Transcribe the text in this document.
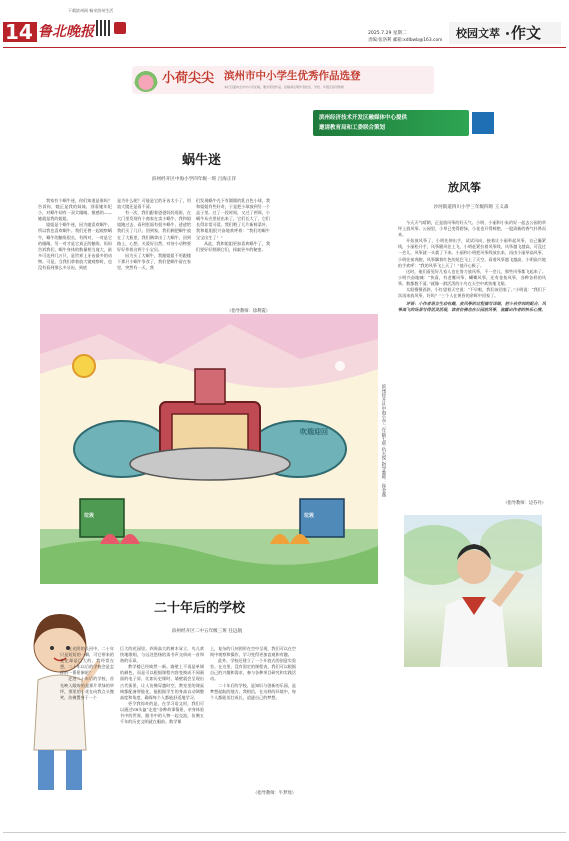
14 鲁北晚报
下载滨州网 畅享滨州生活
2025.7.29 星期二
责编:张洛利 邮箱:xdlbwb@163.com
校园文萃 作文
小荷尖尖 滨州市中小学生优秀作品选登
本栏目面向全市中小学征稿，要求原创作品，投稿请注明作者姓名、学校、年级及指导教师
滨州经济技术开发区融媒体中心提供
邀请教育局和工委联合策划
蜗牛迷
滨州经开区中海小学四年级一班 吕海正洋

我家有个蜗牛迷，你们知道是谁吗？告诉你，她正是我的妹妹，别看她年纪小，对蜗牛却有一双犬眼睛，敏感的——她就是我的姐姐。

姐姐是个蜗牛迷，因为她喜欢蜗牛，所以我也喜欢蜗牛。我们还曾一起观察蜗牛，蜗牛的触角很长，有两对，一对是它的眼睛，另一对才是它真正的触角。妈妈告诉我们，蜗牛身体的数量相当庞大，最多可达到几万只，是世界上牙齿最多的动物。可是，当我们拿着放大镜观察时，也没有看到那么多牙齿，到底

是为什么呢？可能是它的牙齿太小了，用放大镜还是看不清。

有一次，我们跟着爸爸妈妈逛街，在大门里发现有个商家在卖小蜗牛，我和姐姐跑过去，看到里面有很多蜗牛，爸爸给我们买了几只。回到家，我们俩把蜗牛放在了大瓶里，我们俩拿出了大蜗牛，回到路上，心想，关爱好自然，对待小动物要好好养着这两个小宝贝。

因为买了大蜗牛，我跟姐姐不用跟楼下那只小蜗牛争食了，我们把蜗牛留在家里，突然有一天，我

们发现蜗牛壳下有圆圆的乳白色小球，我和姐姐有些好奇，于是把小球放到另一个盒子里。过了一段时间，又过了两周，小蜗牛从壳里钻出来了，它们长大了，它们长得非常可爱。我们喂了几片新鲜菜叶，我和姐姐很兴奋地欢呼着：“我们的蜗牛宝宝出生了！”

从此，我和姐姐更加喜欢蜗牛了，我们要好好照顾它们，探索更多的秘密。

（指导教师：徐利霞）
吹瑞迎回
垃圾	垃圾
滨州经开区中海小学二年级七班 仇天悦 指导教师：崔金燕
放风筝
沙河街道四川小学三年级四班 王义森

今天天气晴朗，正是放风筝的好天气。小明、小丽和小朱约好一起去公园的草坪上放风筝。公园里，小草已变得碧绿，小花也开得鲜艳，一股清新的香气扑鼻而来。

开始放风筝了，小明先伸出手，试试风向，接着让小丽举起风筝，自己攥紧线，小丽松开手，风筝随风往上飞，小明赶紧拉着风筝线，风筝越飞越高，可没过一会儿，风筝就一头栽了下来。小丽和小明把风筝线放出来，再由小丽举高风筝，小明往前奔跑，风筝飘着红色的尾巴飞上了天空。看着风筝越飞越高，小明高兴地拍手欢呼：“我的风筝飞上天了！”他开心极了。

这时，他们看见好几家人也在努力放风筝，不一会儿，那些风筝都飞起来了。小明兴奋地喊：“快看，有老鹰风筝、蝴蝶风筝，还有金鱼风筝，各种各样的风筝，数都数不清。”就像一群活泼的小鸟在天空中欢快地飞翔。

太阳慢慢西斜，小红望着天空说：“不早啦，我们该回家了。”小明说：“我们下次再来放风筝，好吗？”三个人在黄昏的余晖中回家了。

评语：小作者语言生动有趣，放风筝的过程描写详细，把小伙伴间的配合、风筝高飞的场景写得活灵活现，读者仿佛也在公园放风筝，流露出作者的快乐心情。

（指导教师：边芬丹）
二十年后的学校
滨州经开区二中五年级三班 任远航

在光阴的长河中，二十年只是短短的一瞬，可它带来的变化却是巨大的。我经常在想，二十年以后的学校会是怎样的一番景象呢？

走进二十年后的学校，首先映入眼帘的是那片翠绿的草坪，那里的小花在向我点头微笑，仿佛置身于一个

巨大的花园里。四周高大的树木耸立，鸟儿欢快地歌唱，与远处悠扬的读书声交织成一首和谐的乐章。

教学楼已经焕然一新。墙壁上不再是单调的颜色，而是可以根据课程内容变换成不同画面的电子屏，比如历史课时，墙壁就会呈现出古代街景，让人仿佛穿越时空。教室里的课桌椅都配备智能化，能根据学生的身高自动调整高度和角度，确保每个人都能舒适地学习。

更令我惊奇的是，在学习语文时，我们可以通过VR头盔“走进”各种故事情景，亲身体验书中的世界，跟书中的人物一起交流，仿佛五千年的历史文明就在眼前。数学课

上，复杂的几何图形在空中呈现，我们可以在空间中观察和操作，学习变得更加直观和有趣。

此外，学校还建立了一个开放式的创意实验室。在这里，没有固定的课程表，我们可以根据自己的兴趣和需求，参与各种项目研究和实践活动。

二十年后的学校，是知识与创新的乐园，是梦想起航的地方。我相信，在这样的环境中，每个人都能茁壮成长，追逐自己的梦想。

（指导教师：牛梦瑶）
